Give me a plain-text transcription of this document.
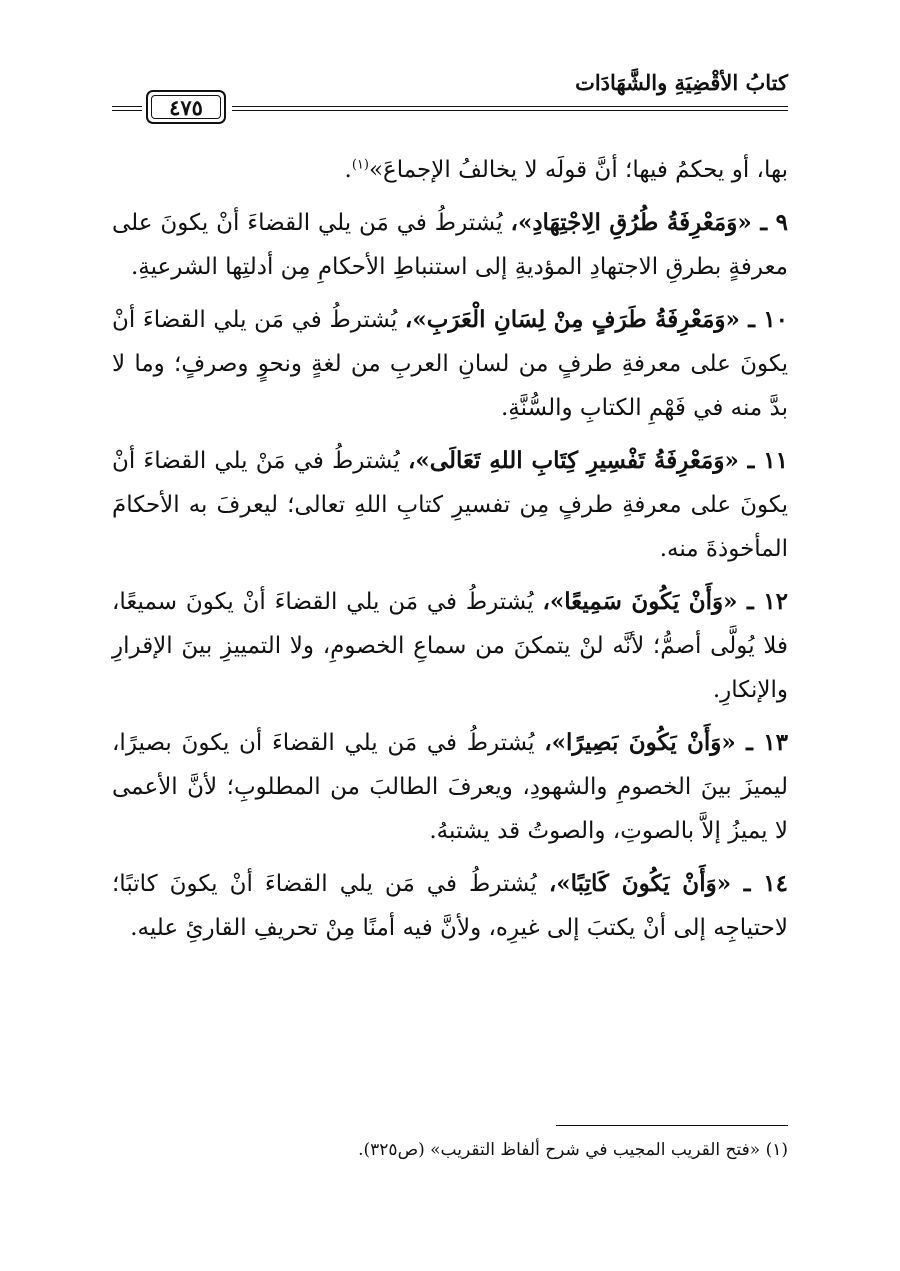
كتابُ الأقْضِيَةِ والشَّهَادَات
٤٧٥

بها، أو يحكمُ فيها؛ أنَّ قولَه لا يخالفُ الإجماعَ»$^{(١)}$.

٩ ـ «وَمَعْرِفَةُ طُرُقِ الِاجْتِهَادِ»، يُشترطُ في مَن يلي القضاءَ أنْ يكونَ على معرفةٍ بطرقِ الاجتهادِ المؤديةِ إلى استنباطِ الأحكامِ مِن أدلتِها الشرعيةِ.

١٠ ـ «وَمَعْرِفَةُ طَرَفٍ مِنْ لِسَانِ الْعَرَبِ»، يُشترطُ في مَن يلي القضاءَ أنْ يكونَ على معرفةِ طرفٍ من لسانِ العربِ من لغةٍ ونحوٍ وصرفٍ؛ وما لا بدَّ منه في فَهْمِ الكتابِ والسُّنَّةِ.

١١ ـ «وَمَعْرِفَةُ تَفْسِيرِ كِتَابِ اللهِ تَعَالَى»، يُشترطُ في مَنْ يلي القضاءَ أنْ يكونَ على معرفةِ طرفٍ مِن تفسيرِ كتابِ اللهِ تعالى؛ ليعرفَ به الأحكامَ المأخوذةَ منه.

١٢ ـ «وَأَنْ يَكُونَ سَمِيعًا»، يُشترطُ في مَن يلي القضاءَ أنْ يكونَ سميعًا، فلا يُولَّى أصمُّ؛ لأنَّه لنْ يتمكنَ من سماعِ الخصومِ، ولا التمييزِ بينَ الإقرارِ والإنكارِ.

١٣ ـ «وَأَنْ يَكُونَ بَصِيرًا»، يُشترطُ في مَن يلي القضاءَ أن يكونَ بصيرًا، ليميزَ بينَ الخصومِ والشهودِ، ويعرفَ الطالبَ من المطلوبِ؛ لأنَّ الأعمى لا يميزُ إلاَّ بالصوتِ، والصوتُ قد يشتبهُ.

١٤ ـ «وَأَنْ يَكُونَ كَاتِبًا»، يُشترطُ في مَن يلي القضاءَ أنْ يكونَ كاتبًا؛ لاحتياجِه إلى أنْ يكتبَ إلى غيرِه، ولأنَّ فيه أمنًا مِنْ تحريفِ القارئِ عليه.

(١) «فتح القريب المجيب في شرح ألفاظ التقريب» (ص٣٢٥).
